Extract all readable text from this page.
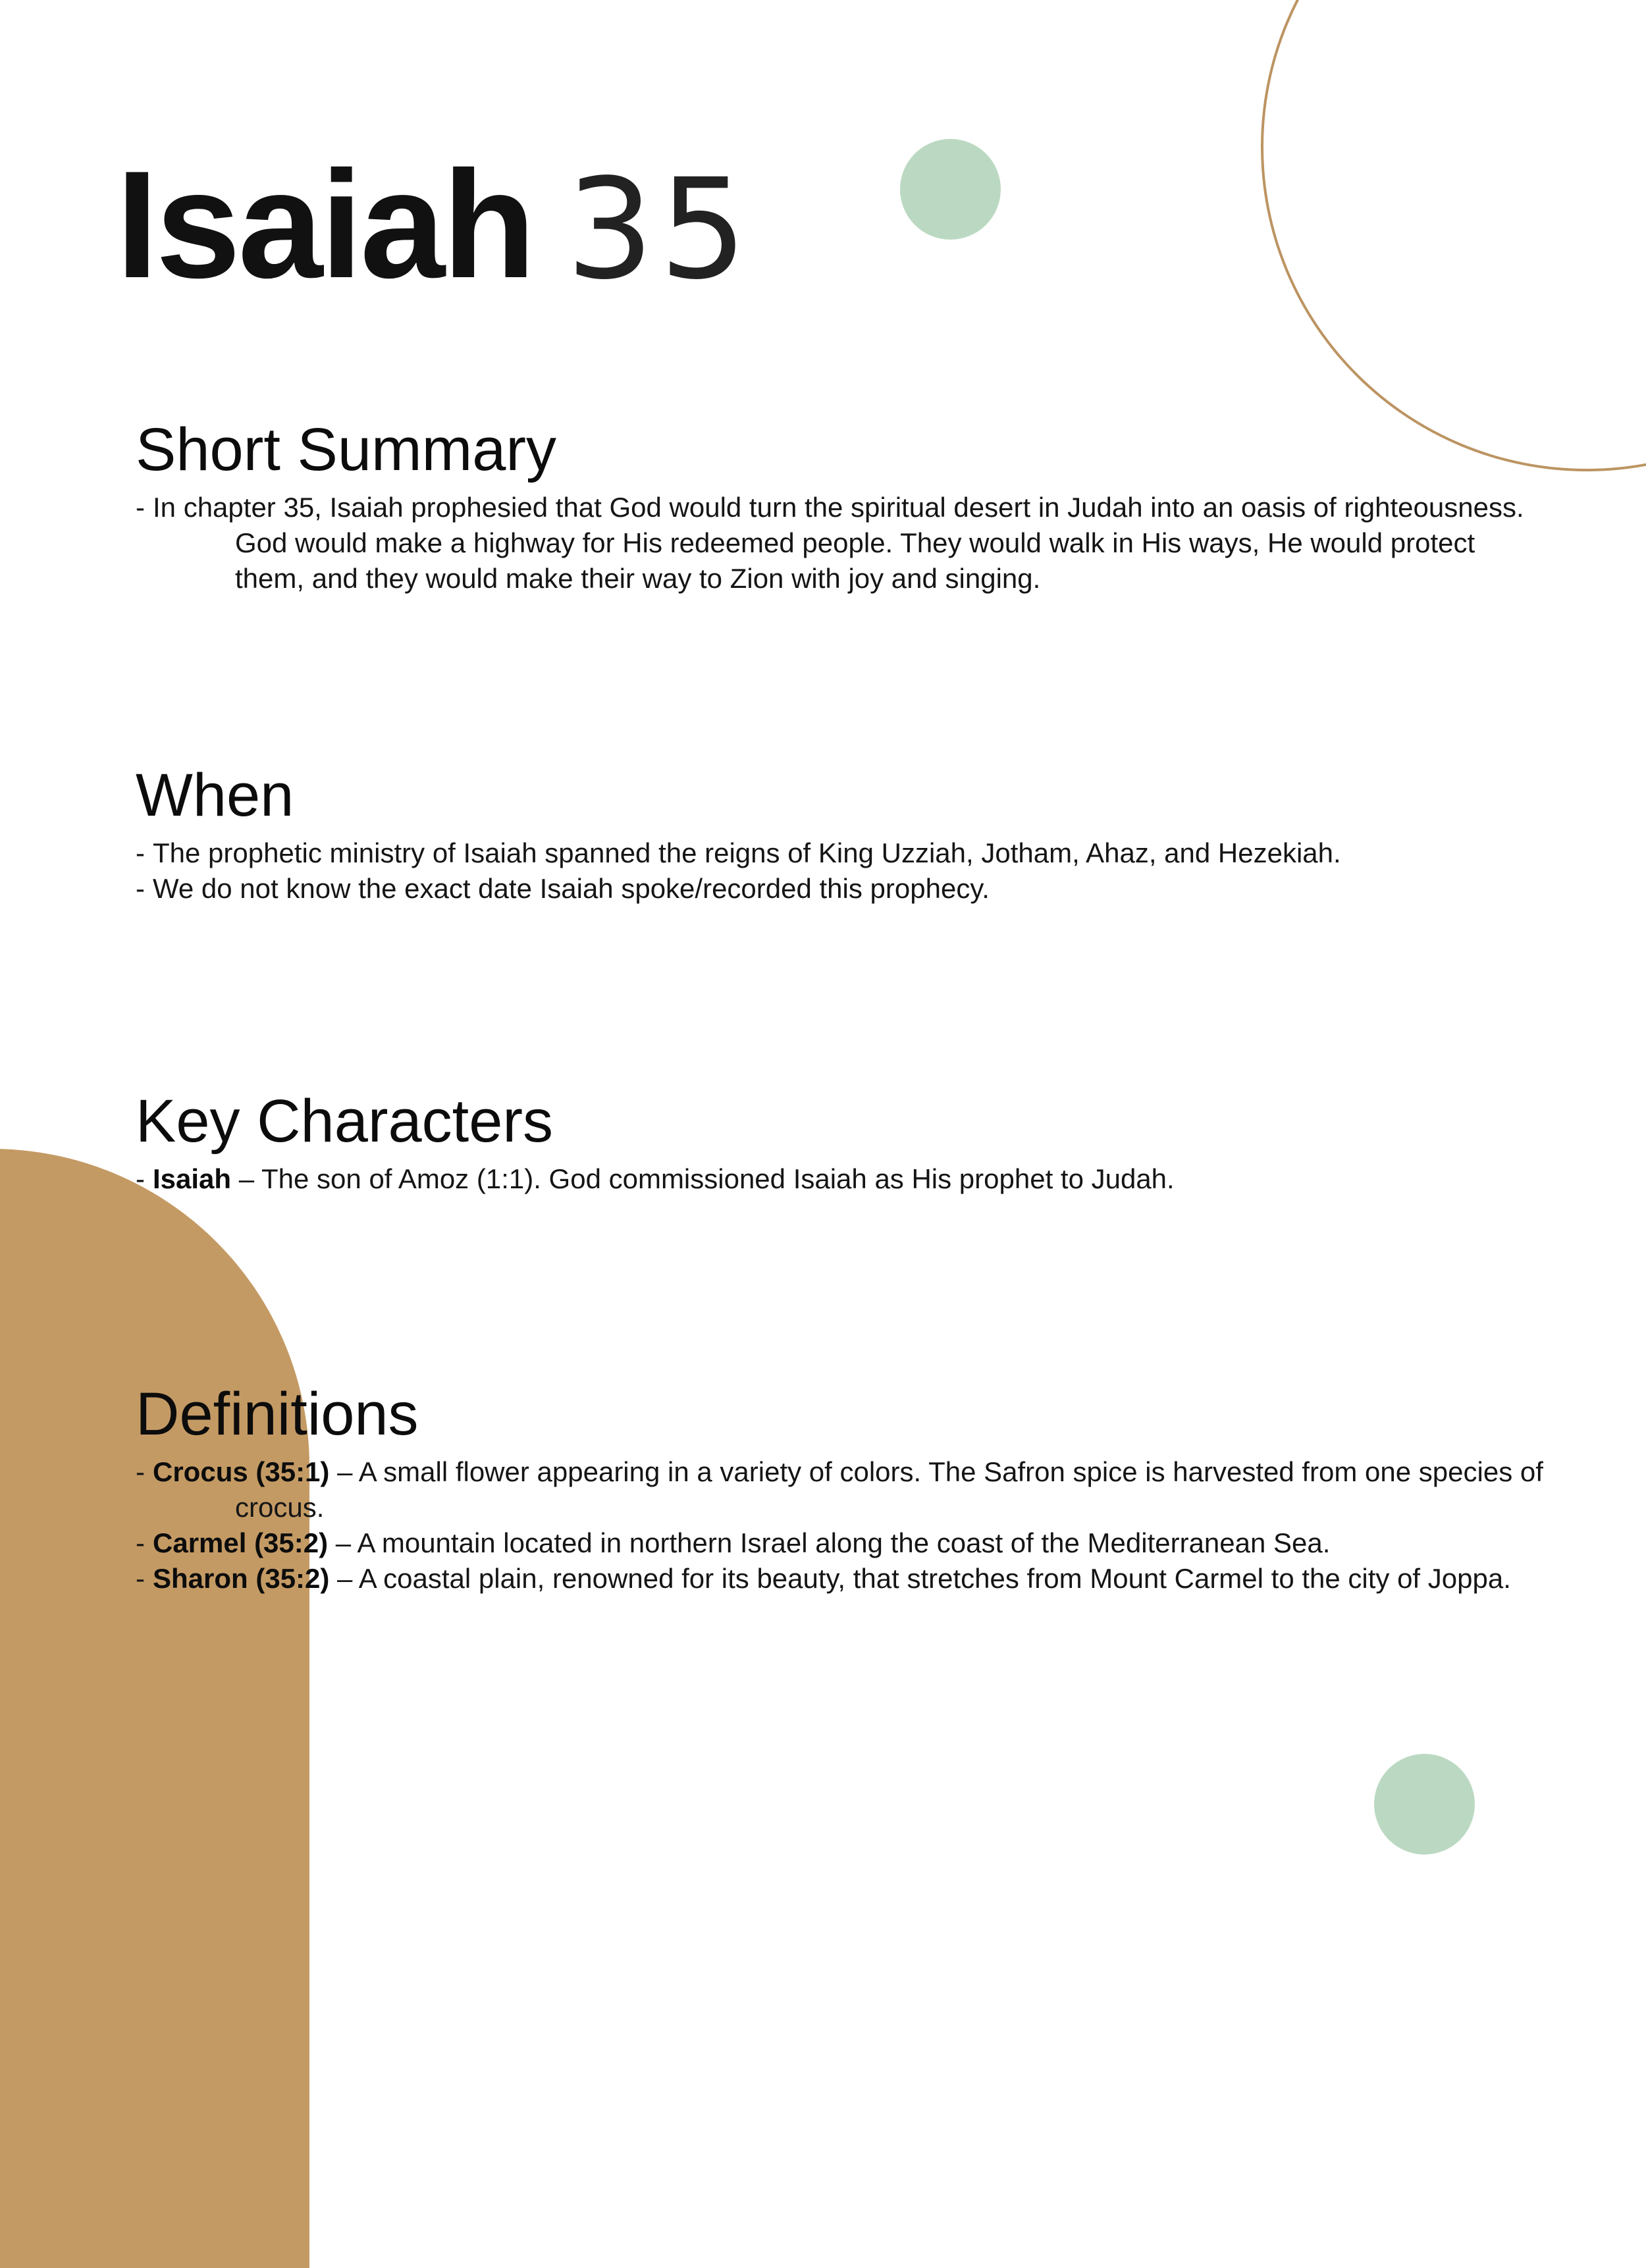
Isaiah 35
Short Summary
- In chapter 35, Isaiah prophesied that God would turn the spiritual desert in Judah into an oasis of righteousness. God would make a highway for His redeemed people. They would walk in His ways, He would protect them, and they would make their way to Zion with joy and singing.
When
- The prophetic ministry of Isaiah spanned the reigns of King Uzziah, Jotham, Ahaz, and Hezekiah.
- We do not know the exact date Isaiah spoke/recorded this prophecy.
Key Characters
- Isaiah – The son of Amoz (1:1). God commissioned Isaiah as His prophet to Judah.
Definitions
- Crocus (35:1) – A small flower appearing in a variety of colors. The Safron spice is harvested from one species of crocus.
- Carmel (35:2) – A mountain located in northern Israel along the coast of the Mediterranean Sea.
- Sharon (35:2) – A coastal plain, renowned for its beauty, that stretches from Mount Carmel to the city of Joppa.
